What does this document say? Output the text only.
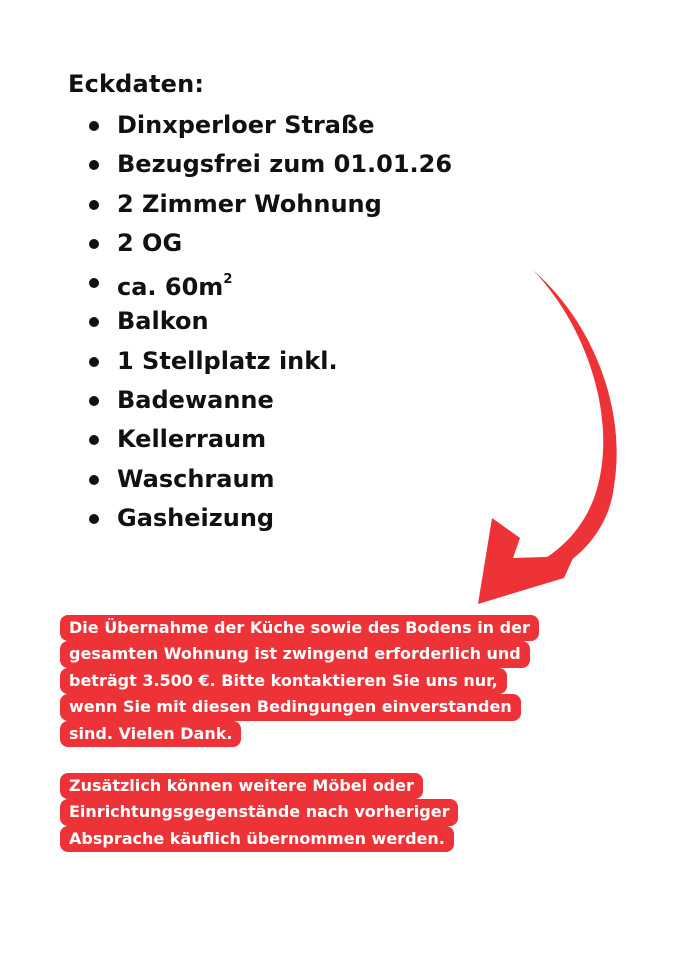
Eckdaten:
Dinxperloer Straße
Bezugsfrei zum 01.01.26
2 Zimmer Wohnung
2 OG
ca. $60m^2$
Balkon
1 Stellplatz inkl.
Badewanne
Kellerraum
Waschraum
Gasheizung
Die Übernahme der Küche sowie des Bodens in der
gesamten Wohnung ist zwingend erforderlich und
beträgt 3.500 €. Bitte kontaktieren Sie uns nur,
wenn Sie mit diesen Bedingungen einverstanden
sind. Vielen Dank.
Zusätzlich können weitere Möbel oder
Einrichtungsgegenstände nach vorheriger
Absprache käuflich übernommen werden.
